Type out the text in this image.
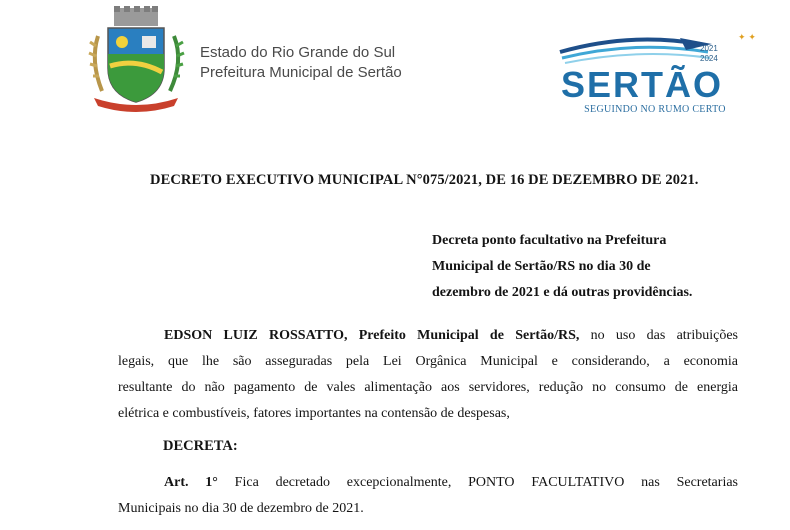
Estado do Rio Grande do Sul
Prefeitura Municipal de Sertão
✦ ✦
2021
2024
SERTÃO
SEGUINDO NO RUMO CERTO
DECRETO EXECUTIVO MUNICIPAL N°075/2021, DE 16 DE DEZEMBRO DE 2021.
Decreta ponto facultativo na Prefeitura
Municipal de Sertão/RS no dia 30 de
dezembro de 2021 e dá outras providências.
EDSON LUIZ ROSSATTO, Prefeito Municipal de Sertão/RS, no uso das atribuições
legais, que lhe são asseguradas pela Lei Orgânica Municipal e considerando, a economia
resultante do não pagamento de vales alimentação aos servidores, redução no consumo de energia
elétrica e combustíveis, fatores importantes na contensão de despesas,
DECRETA:
Art. 1° Fica decretado excepcionalmente, PONTO FACULTATIVO nas Secretarias
Municipais no dia 30 de dezembro de 2021.
